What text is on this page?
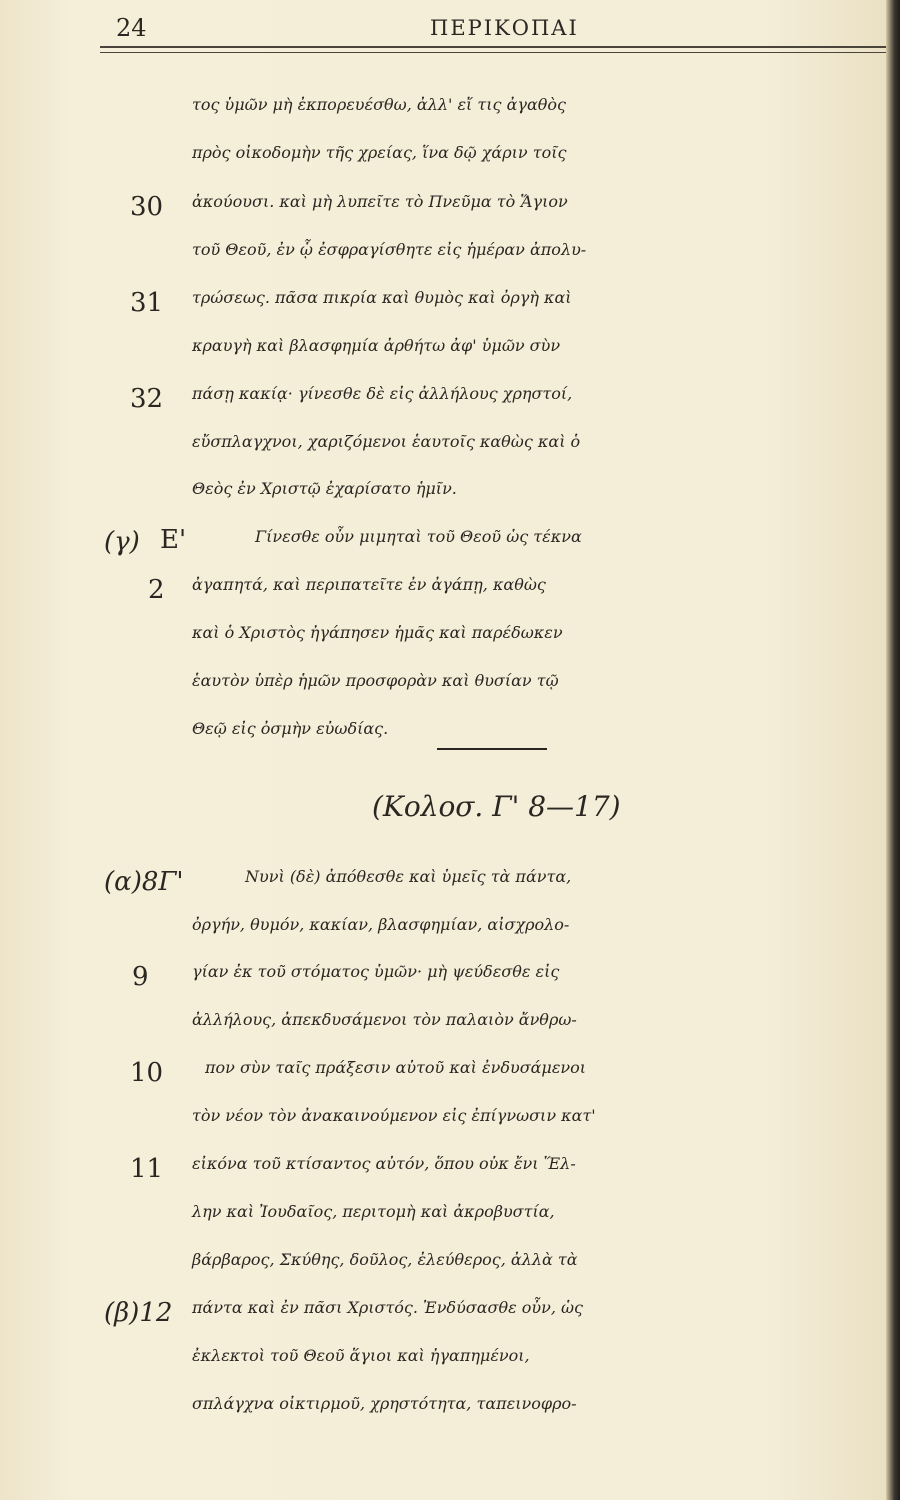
24	ΠΕΡΙΚΟΠΑΙ
τος ὑμῶν μὴ ἐκπορευέσθω, ἀλλ' εἴ τις ἀγαθὸς
πρὸς οἰκοδομὴν τῆς χρείας, ἵνα δῷ χάριν τοῖς
30 ἀκούουσι. καὶ μὴ λυπεῖτε τὸ Πνεῦμα τὸ Ἅγιον
τοῦ Θεοῦ, ἐν ᾧ ἐσφραγίσθητε εἰς ἡμέραν ἀπολυ-
31 τρώσεως. πᾶσα πικρία καὶ θυμὸς καὶ ὀργὴ καὶ
κραυγὴ καὶ βλασφημία ἀρθήτω ἀφ' ὑμῶν σὺν
32 πάσῃ κακίᾳ· γίνεσθε δὲ εἰς ἀλλήλους χρηστοί,
εὔσπλαγχνοι, χαριζόμενοι ἑαυτοῖς καθὼς καὶ ὁ
Θεὸς ἐν Χριστῷ ἐχαρίσατο ἡμῖν.
(γ) Ε'	Γίνεσθε οὖν μιμηταὶ τοῦ Θεοῦ ὡς τέκνα
2 ἀγαπητά, καὶ περιπατεῖτε ἐν ἀγάπῃ, καθὼς
καὶ ὁ Χριστὸς ἠγάπησεν ἡμᾶς καὶ παρέδωκεν
ἑαυτὸν ὑπὲρ ἡμῶν προσφορὰν καὶ θυσίαν τῷ
Θεῷ εἰς ὀσμὴν εὐωδίας.
(Κολοσ. Γ' 8—17)
(α)8Γ'	Νυνὶ (δὲ) ἀπόθεσθε καὶ ὑμεῖς τὰ πάντα,
ὀργήν, θυμόν, κακίαν, βλασφημίαν, αἰσχρολο-
9	γίαν ἐκ τοῦ στόματος ὑμῶν· μὴ ψεύδεσθε εἰς
ἀλλήλους, ἀπεκδυσάμενοι τὸν παλαιὸν ἄνθρω-
10	πον σὺν ταῖς πράξεσιν αὐτοῦ καὶ ἐνδυσάμενοι
τὸν νέον τὸν ἀνακαινούμενον εἰς ἐπίγνωσιν κατ'
11 εἰκόνα τοῦ κτίσαντος αὐτόν, ὅπου οὐκ ἔνι Ἕλ-
λην καὶ Ἰουδαῖος, περιτομὴ καὶ ἀκροβυστία,
βάρβαρος, Σκύθης, δοῦλος, ἐλεύθερος, ἀλλὰ τὰ
(β)12 πάντα καὶ ἐν πᾶσι Χριστός. Ἐνδύσασθε οὖν, ὡς
ἐκλεκτοὶ τοῦ Θεοῦ ἅγιοι καὶ ἠγαπημένοι,
σπλάγχνα οἰκτιρμοῦ, χρηστότητα, ταπεινοφρο-
